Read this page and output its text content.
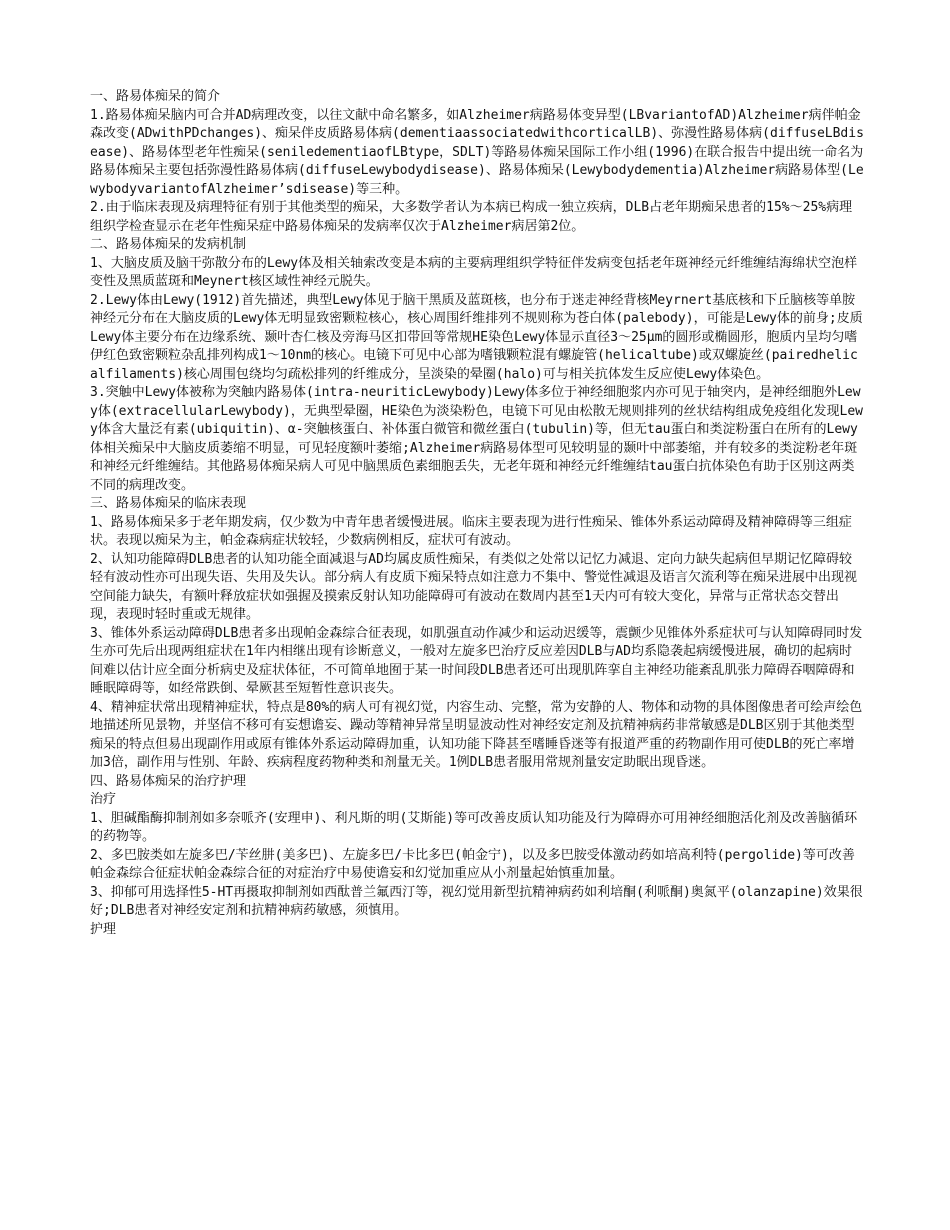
一、路易体痴呆的简介
1.路易体痴呆脑内可合并AD病理改变，以往文献中命名繁多，如Alzheimer病路易体变异型(LBvariantofAD)Alzheimer病伴帕金森改变(ADwithPDchanges)、痴呆伴皮质路易体病(dementiaassociatedwithcorticalLB)、弥漫性路易体病(diffuseLBdisease)、路易体型老年性痴呆(seniledementiaofLBtype，SDLT)等路易体痴呆国际工作小组(1996)在联合报告中提出统一命名为路易体痴呆主要包括弥漫性路易体病(diffuseLewybodydisease)、路易体痴呆(Lewybodydementia)Alzheimer病路易体型(LewybodyvariantofAlzheimer’sdisease)等三种。
2.由于临床表现及病理特征有别于其他类型的痴呆，大多数学者认为本病已构成一独立疾病，DLB占老年期痴呆患者的15%～25%病理组织学检查显示在老年性痴呆症中路易体痴呆的发病率仅次于Alzheimer病居第2位。
二、路易体痴呆的发病机制
1、大脑皮质及脑干弥散分布的Lewy体及相关轴索改变是本病的主要病理组织学特征伴发病变包括老年斑神经元纤维缠结海绵状空泡样变性及黑质蓝斑和Meynert核区域性神经元脱失。
2.Lewy体由Lewy(1912)首先描述，典型Lewy体见于脑干黑质及蓝斑核，也分布于迷走神经背核Meyrnert基底核和下丘脑核等单胺神经元分布在大脑皮质的Lewy体无明显致密颗粒核心，核心周围纤维排列不规则称为苍白体(palebody)，可能是Lewy体的前身;皮质Lewy体主要分布在边缘系统、颞叶杏仁核及旁海马区扣带回等常规HE染色Lewy体显示直径3～25μm的圆形或椭圆形，胞质内呈均匀嗜伊红色致密颗粒杂乱排列构成1～10nm的核心。电镜下可见中心部为嗜锇颗粒混有螺旋管(helicaltube)或双螺旋丝(pairedhelicalfilaments)核心周围包绕均匀疏松排列的纤维成分，呈淡染的晕圈(halo)可与相关抗体发生反应使Lewy体染色。
3.突触中Lewy体被称为突触内路易体(intra-neuriticLewybody)Lewy体多位于神经细胞浆内亦可见于轴突内，是神经细胞外Lewy体(extracellularLewybody)，无典型晕圈，HE染色为淡染粉色，电镜下可见由松散无规则排列的丝状结构组成免疫组化发现Lewy体含大量泛有素(ubiquitin)、α-突触核蛋白、补体蛋白微管和微丝蛋白(tubulin)等，但无tau蛋白和类淀粉蛋白在所有的Lewy体相关痴呆中大脑皮质萎缩不明显，可见轻度额叶萎缩;Alzheimer病路易体型可见较明显的颞叶中部萎缩，并有较多的类淀粉老年斑和神经元纤维缠结。其他路易体痴呆病人可见中脑黑质色素细胞丢失，无老年斑和神经元纤维缠结tau蛋白抗体染色有助于区别这两类不同的病理改变。
三、路易体痴呆的临床表现
1、路易体痴呆多于老年期发病，仅少数为中青年患者缓慢进展。临床主要表现为进行性痴呆、锥体外系运动障碍及精神障碍等三组症状。表现以痴呆为主，帕金森病症状较轻，少数病例相反，症状可有波动。
2、认知功能障碍DLB患者的认知功能全面减退与AD均属皮质性痴呆，有类似之处常以记忆力减退、定向力缺失起病但早期记忆障碍较轻有波动性亦可出现失语、失用及失认。部分病人有皮质下痴呆特点如注意力不集中、警觉性减退及语言欠流利等在痴呆进展中出现视空间能力缺失，有额叶释放症状如强握及摸索反射认知功能障碍可有波动在数周内甚至1天内可有较大变化，异常与正常状态交替出现，表现时轻时重或无规律。
3、锥体外系运动障碍DLB患者多出现帕金森综合征表现，如肌强直动作减少和运动迟缓等，震颤少见锥体外系症状可与认知障碍同时发生亦可先后出现两组症状在1年内相继出现有诊断意义，一般对左旋多巴治疗反应差因DLB与AD均系隐袭起病缓慢进展，确切的起病时间难以估计应全面分析病史及症状体征，不可简单地囿于某一时间段DLB患者还可出现肌阵挛自主神经功能紊乱肌张力障碍吞咽障碍和睡眠障碍等，如经常跌倒、晕厥甚至短暂性意识丧失。
4、精神症状常出现精神症状，特点是80%的病人可有视幻觉，内容生动、完整，常为安静的人、物体和动物的具体图像患者可绘声绘色地描述所见景物，并坚信不移可有妄想谵妄、躁动等精神异常呈明显波动性对神经安定剂及抗精神病药非常敏感是DLB区别于其他类型痴呆的特点但易出现副作用或原有锥体外系运动障碍加重，认知功能下降甚至嗜睡昏迷等有报道严重的药物副作用可使DLB的死亡率增加3倍，副作用与性别、年龄、疾病程度药物种类和剂量无关。1例DLB患者服用常规剂量安定助眠出现昏迷。
四、路易体痴呆的治疗护理
治疗
1、胆碱酯酶抑制剂如多奈哌齐(安理申)、利凡斯的明(艾斯能)等可改善皮质认知功能及行为障碍亦可用神经细胞活化剂及改善脑循环的药物等。
2、多巴胺类如左旋多巴/苄丝肼(美多巴)、左旋多巴/卡比多巴(帕金宁)，以及多巴胺受体激动药如培高利特(pergolide)等可改善帕金森综合征症状帕金森综合征的对症治疗中易使谵妄和幻觉加重应从小剂量起始慎重加量。
3、抑郁可用选择性5-HT再摄取抑制剂如西酞普兰氟西汀等，视幻觉用新型抗精神病药如利培酮(利哌酮)奥氮平(olanzapine)效果很好;DLB患者对神经安定剂和抗精神病药敏感，须慎用。
护理
